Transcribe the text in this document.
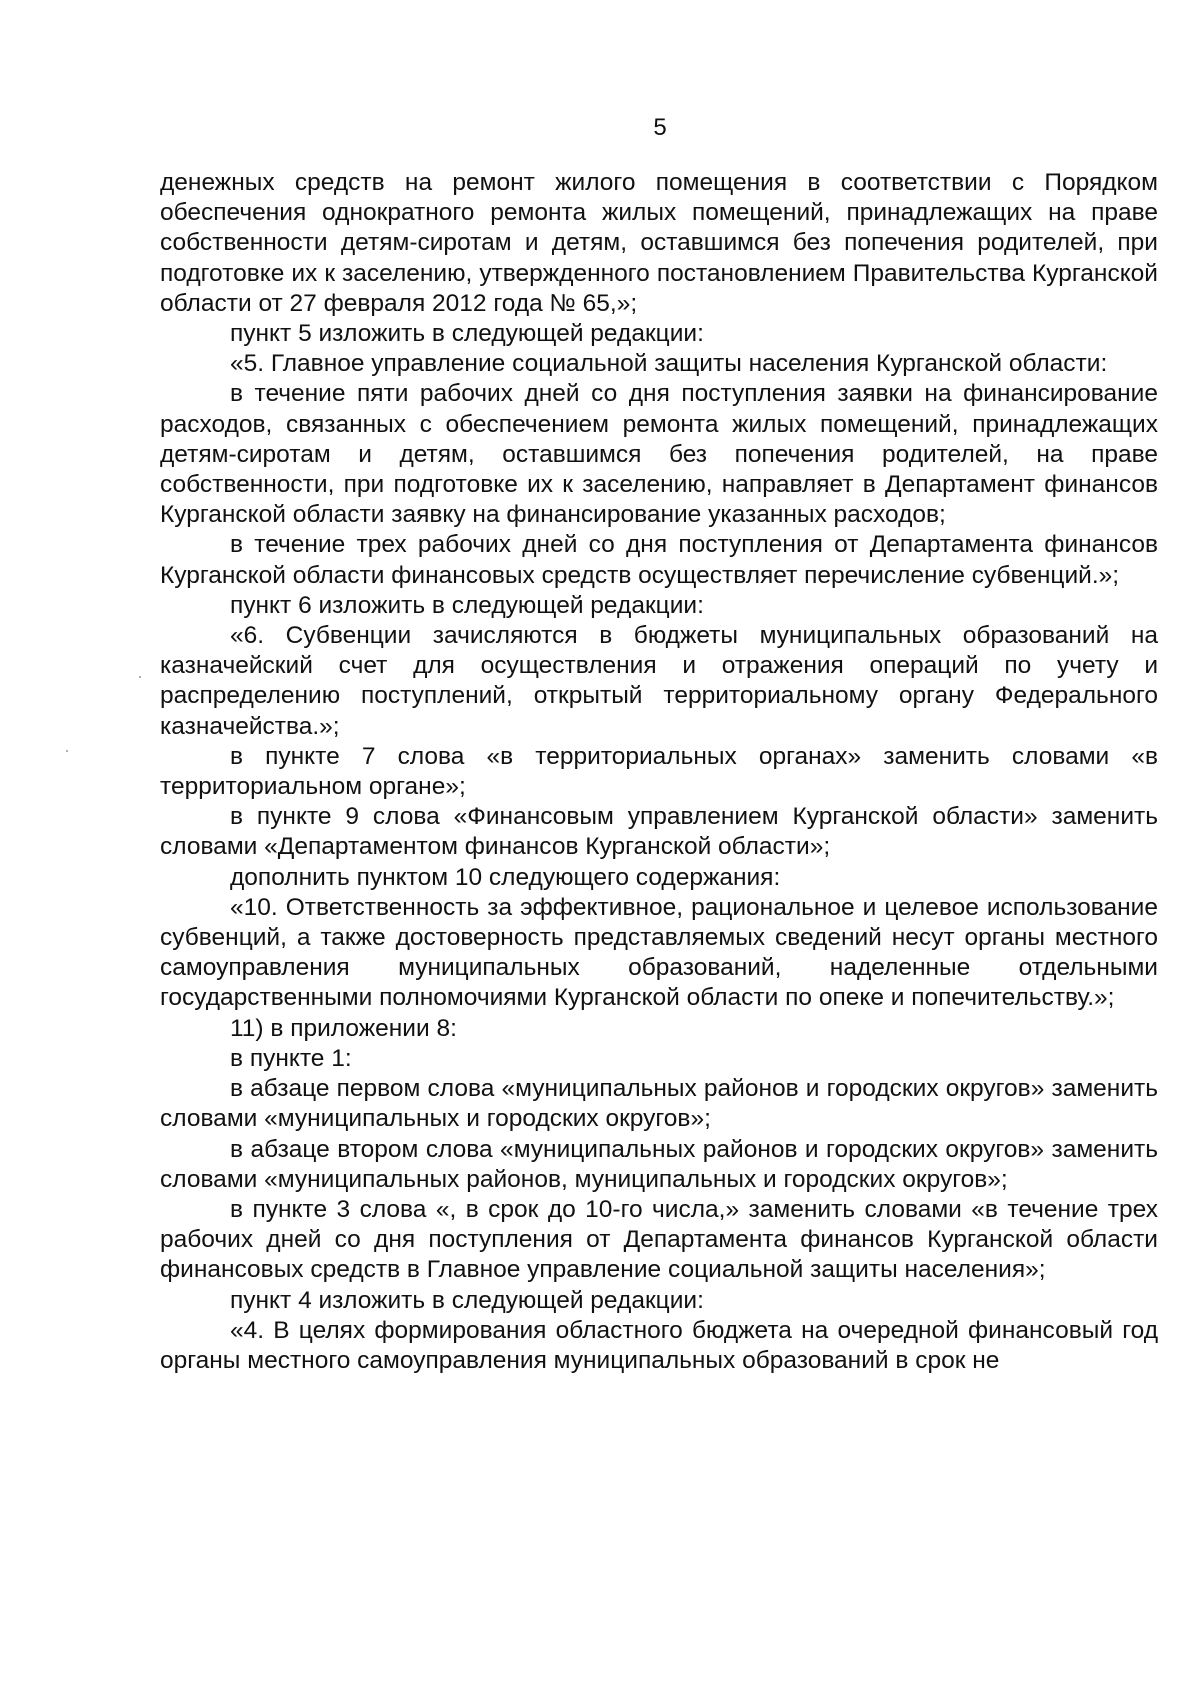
5

денежных средств на ремонт жилого помещения в соответствии с Порядком обеспечения однократного ремонта жилых помещений, принадлежащих на праве собственности детям-сиротам и детям, оставшимся без попечения родителей, при подготовке их к заселению, утвержденного постановлением Правительства Курганской области от 27 февраля 2012 года № 65,»;

пункт 5 изложить в следующей редакции:

«5. Главное управление социальной защиты населения Курганской области:

в течение пяти рабочих дней со дня поступления заявки на финансирование расходов, связанных с обеспечением ремонта жилых помещений, принадлежащих детям-сиротам и детям, оставшимся без попечения родителей, на праве собственности, при подготовке их к заселению, направляет в Департамент финансов Курганской области заявку на финансирование указанных расходов;

в течение трех рабочих дней со дня поступления от Департамента финансов Курганской области финансовых средств осуществляет перечисление субвенций.»;

пункт 6 изложить в следующей редакции:

«6. Субвенции зачисляются в бюджеты муниципальных образований на казначейский счет для осуществления и отражения операций по учету и распределению поступлений, открытый территориальному органу Федерального казначейства.»;

в пункте 7 слова «в территориальных органах» заменить словами «в территориальном органе»;

в пункте 9 слова «Финансовым управлением Курганской области» заменить словами «Департаментом финансов Курганской области»;

дополнить пунктом 10 следующего содержания:

«10. Ответственность за эффективное, рациональное и целевое использование субвенций, а также достоверность представляемых сведений несут органы местного самоуправления муниципальных образований, наделенные отдельными государственными полномочиями Курганской области по опеке и попечительству.»;

11) в приложении 8:

в пункте 1:

в абзаце первом слова «муниципальных районов и городских округов» заменить словами «муниципальных и городских округов»;

в абзаце втором слова «муниципальных районов и городских округов» заменить словами «муниципальных районов, муниципальных и городских округов»;

в пункте 3 слова «, в срок до 10-го числа,» заменить словами «в течение трех рабочих дней со дня поступления от Департамента финансов Курганской области финансовых средств в Главное управление социальной защиты населения»;

пункт 4 изложить в следующей редакции:

«4. В целях формирования областного бюджета на очередной финансовый год органы местного самоуправления муниципальных образований в срок не
